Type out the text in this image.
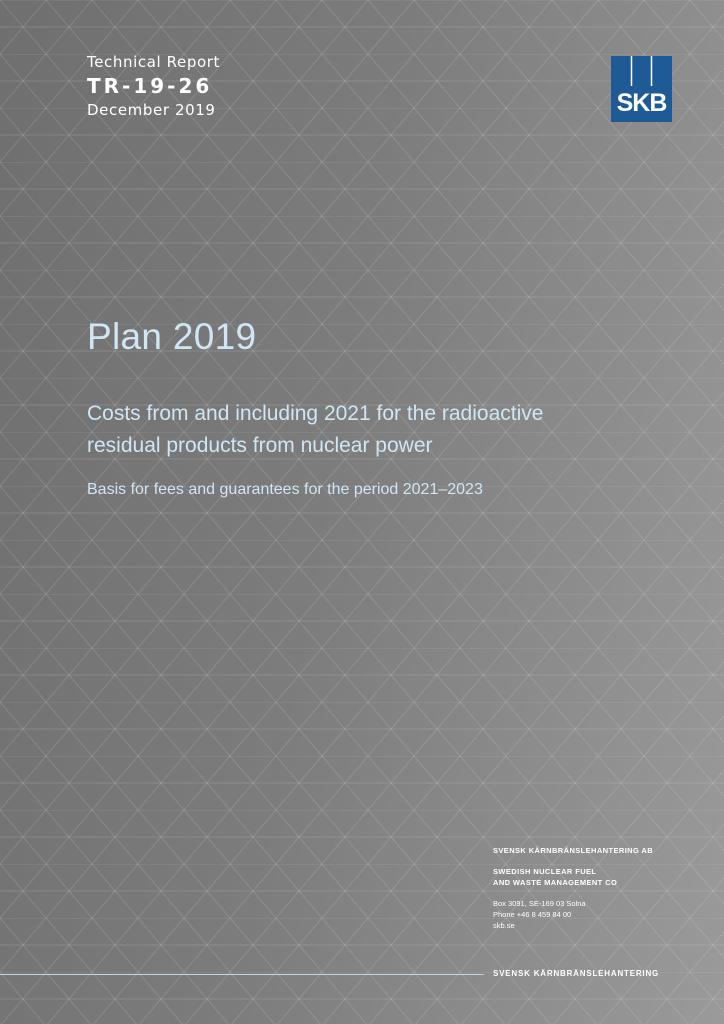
Technical Report

TR-19-26

December 2019	SKB
Plan 2019
Costs from and including 2021 for the radioactive
residual products from nuclear power

Basis for fees and guarantees for the period 2021–2023

SVENSK KÄRNBRÄNSLEHANTERING AB

SWEDISH NUCLEAR FUEL

AND WASTE MANAGEMENT CO

Box 3091, SE-169 03 Solna

Phone +46 8 459 84 00

skb.se

SVENSK KÄRNBRÄNSLEHANTERING
